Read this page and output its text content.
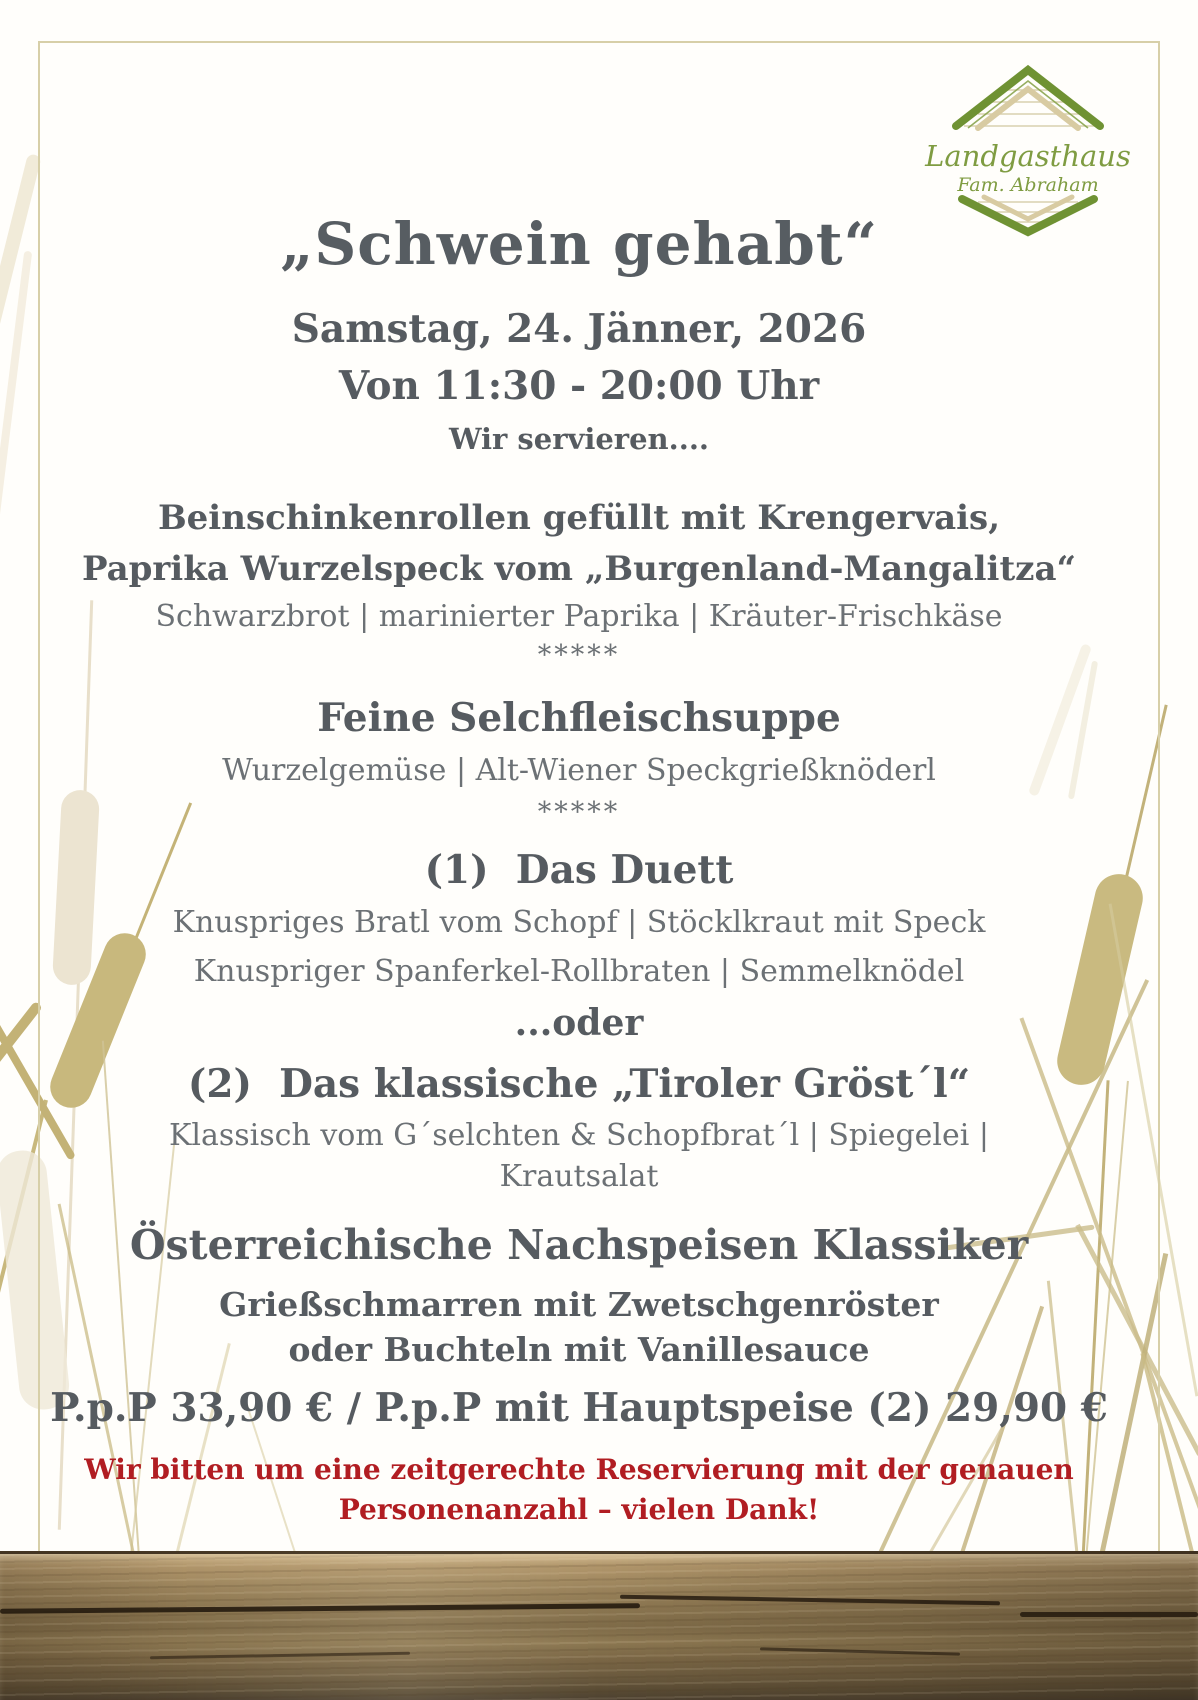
Landgasthaus
Fam. Abraham
„Schwein gehabt“
Samstag, 24. Jänner, 2026
Von 11:30 - 20:00 Uhr
Wir servieren....
Beinschinkenrollen gefüllt mit Krengervais,
Paprika Wurzelspeck vom „Burgenland-Mangalitza“
Schwarzbrot | marinierter Paprika | Kräuter-Frischkäse
*****
Feine Selchfleischsuppe
Wurzelgemüse | Alt-Wiener Speckgrießknöderl
*****
(1)  Das Duett
Knuspriges Bratl vom Schopf | Stöcklkraut mit Speck
Knuspriger Spanferkel-Rollbraten | Semmelknödel
...oder
(2)  Das klassische „Tiroler Gröst´l“
Klassisch vom G´selchten & Schopfbrat´l | Spiegelei |
Krautsalat
Österreichische Nachspeisen Klassiker
Grießschmarren mit Zwetschgenröster
oder Buchteln mit Vanillesauce
P.p.P 33,90 € / P.p.P mit Hauptspeise (2) 29,90 €
Wir bitten um eine zeitgerechte Reservierung mit der genauen
Personenanzahl – vielen Dank!
